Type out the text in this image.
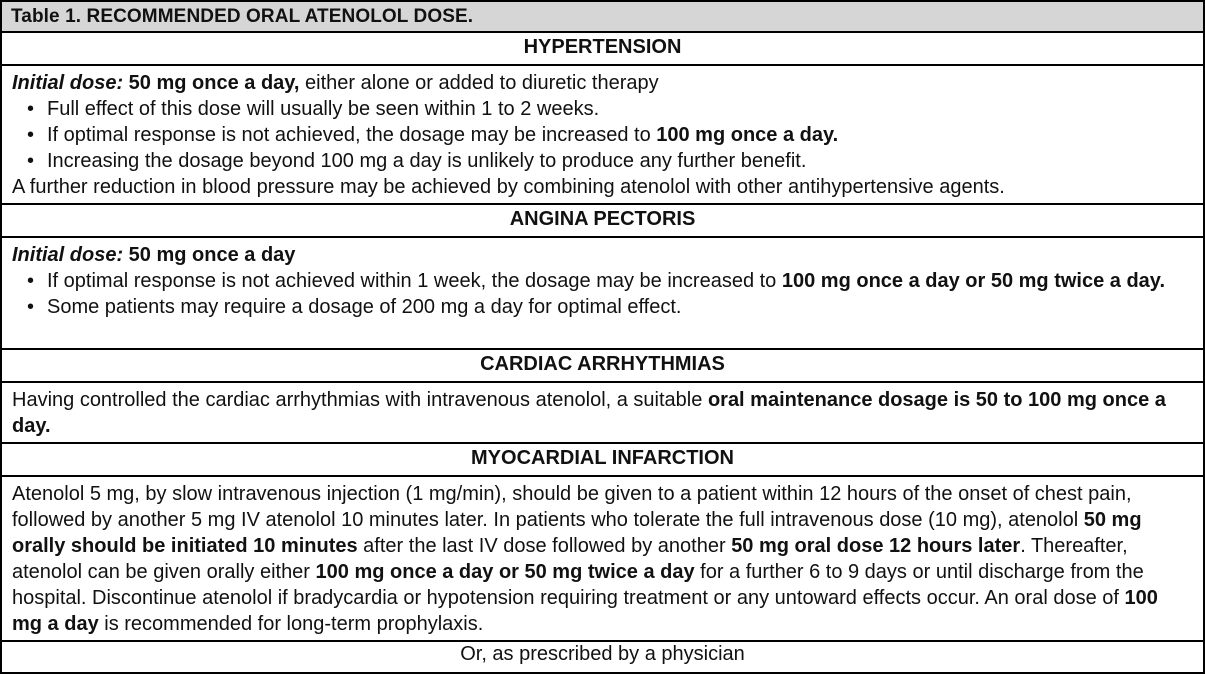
Table 1. RECOMMENDED ORAL ATENOLOL DOSE.
HYPERTENSION

Initial dose: 50 mg once a day, either alone or added to diuretic therapy

• Full effect of this dose will usually be seen within 1 to 2 weeks.
• If optimal response is not achieved, the dosage may be increased to 100 mg once a day.
• Increasing the dosage beyond 100 mg a day is unlikely to produce any further benefit.

A further reduction in blood pressure may be achieved by combining atenolol with other antihypertensive agents.

ANGINA PECTORIS

Initial dose: 50 mg once a day

• If optimal response is not achieved within 1 week, the dosage may be increased to 100 mg once a day or 50 mg twice a day.
• Some patients may require a dosage of 200 mg a day for optimal effect.
CARDIAC ARRHYTHMIAS

Having controlled the cardiac arrhythmias with intravenous atenolol, a suitable oral maintenance dosage is 50 to 100 mg once a day.

MYOCARDIAL INFARCTION

Atenolol 5 mg, by slow intravenous injection (1 mg/min), should be given to a patient within 12 hours of the onset of chest pain, followed by another 5 mg IV atenolol 10 minutes later. In patients who tolerate the full intravenous dose (10 mg), atenolol 50 mg orally should be initiated 10 minutes after the last IV dose followed by another 50 mg oral dose 12 hours later. Thereafter, atenolol can be given orally either 100 mg once a day or 50 mg twice a day for a further 6 to 9 days or until discharge from the hospital. Discontinue atenolol if bradycardia or hypotension requiring treatment or any untoward effects occur. An oral dose of 100 mg a day is recommended for long-term prophylaxis.

Or, as prescribed by a physician
